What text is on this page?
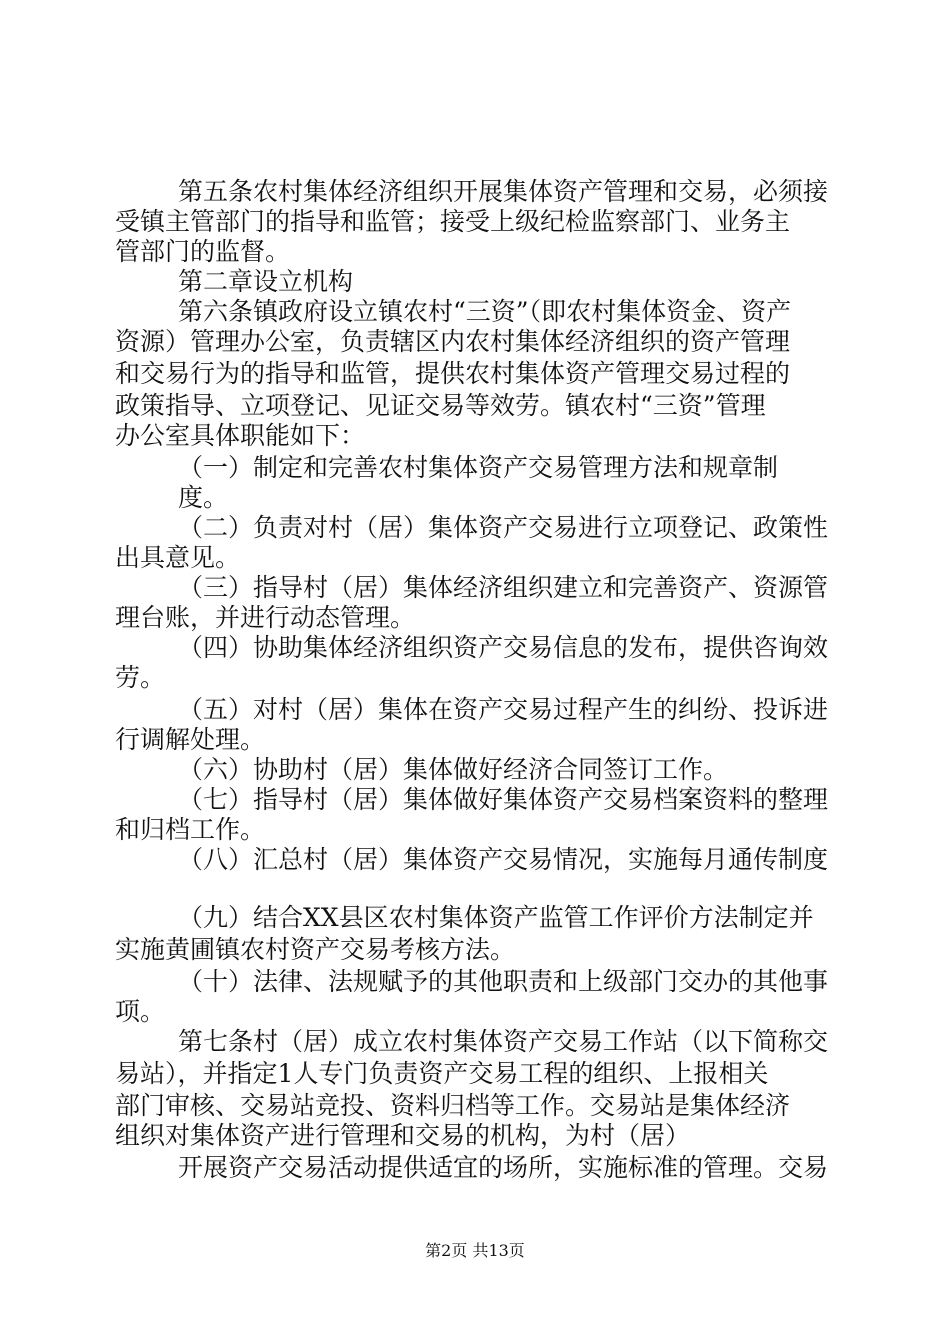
第五条农村集体经济组织开展集体资产管理和交易，必须接
受镇主管部门的指导和监管；接受上级纪检监察部门、业务主
管部门的监督。
第二章设立机构
第六条镇政府设立镇农村“三资”（即农村集体资金、资产
资源）管理办公室，负责辖区内农村集体经济组织的资产管理
和交易行为的指导和监管，提供农村集体资产管理交易过程的
政策指导、立项登记、见证交易等效劳。镇农村“三资”管理
办公室具体职能如下：
（一）制定和完善农村集体资产交易管理方法和规章制
度。
（二）负责对村（居）集体资产交易进行立项登记、政策性
出具意见。
（三）指导村（居）集体经济组织建立和完善资产、资源管
理台账，并进行动态管理。
（四）协助集体经济组织资产交易信息的发布，提供咨询效
劳。
（五）对村（居）集体在资产交易过程产生的纠纷、投诉进
行调解处理。
（六）协助村（居）集体做好经济合同签订工作。
（七）指导村（居）集体做好集体资产交易档案资料的整理
和归档工作。
（八）汇总村（居）集体资产交易情况，实施每月通传制度
（九）结合XX县区农村集体资产监管工作评价方法制定并
实施黄圃镇农村资产交易考核方法。
（十）法律、法规赋予的其他职责和上级部门交办的其他事
项。
第七条村（居）成立农村集体资产交易工作站（以下简称交
易站），并指定1人专门负责资产交易工程的组织、上报相关
部门审核、交易站竞投、资料归档等工作。交易站是集体经济
组织对集体资产进行管理和交易的机构，为村（居）
开展资产交易活动提供适宜的场所，实施标准的管理。交易
第2页 共13页
